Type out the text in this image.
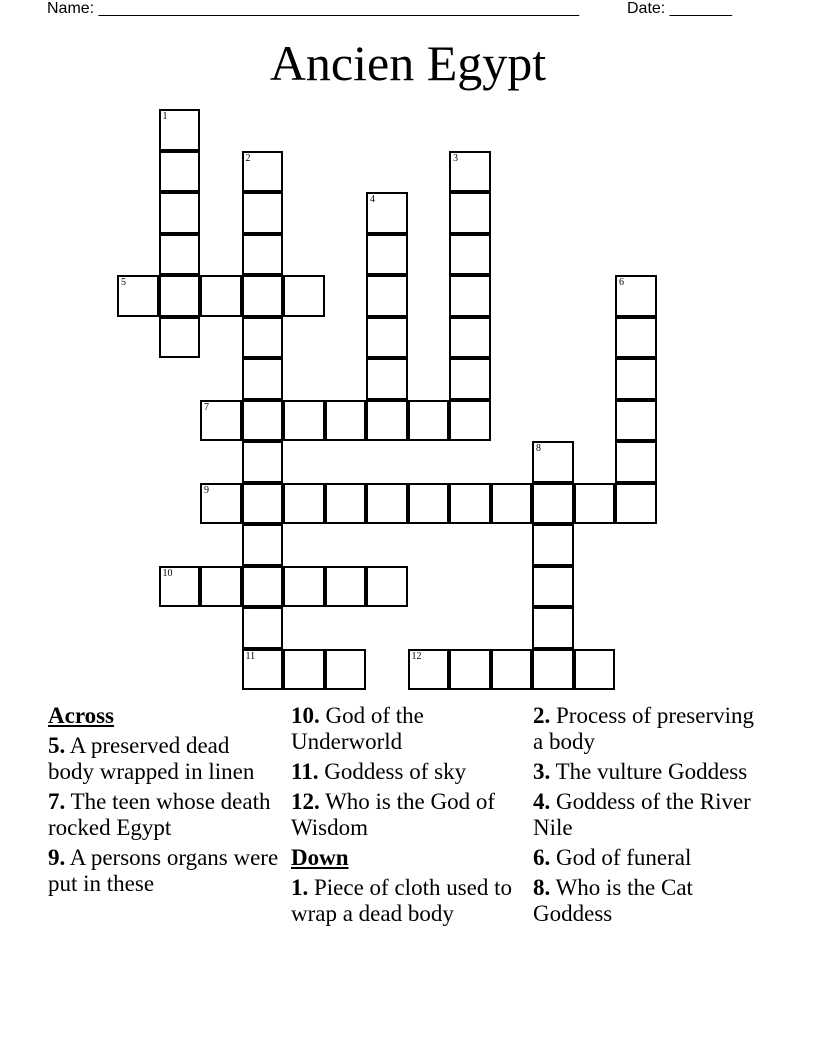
Name: ______________________________________________________	Date: _______
Ancien Egypt
1
2
11
3
4
5	6
7
8
9
10
12
Across
5. A preserved dead body wrapped in linen
7. The teen whose death rocked Egypt
9. A persons organs were put in these
10. God of the Underworld
11. Goddess of sky
12. Who is the God of Wisdom
Down
1. Piece of cloth used to wrap a dead body
2. Process of preserving a body
3. The vulture Goddess
4. Goddess of the River Nile
6. God of funeral
8. Who is the Cat Goddess
